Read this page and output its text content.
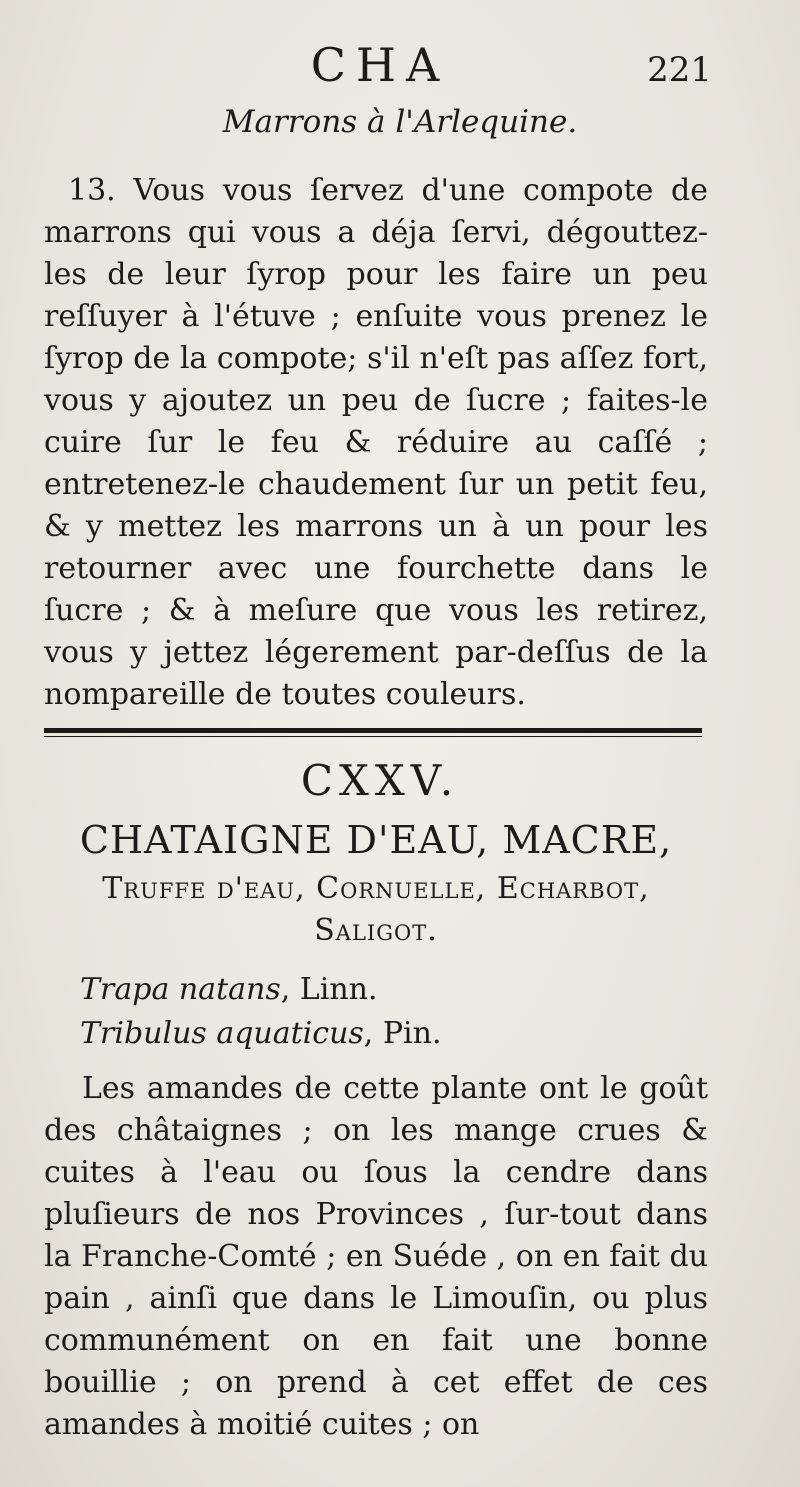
CHA	221
Marrons à l'Arlequine.

13. Vous vous ſervez d'une compote de marrons qui vous a déja ſervi, dégouttez-les de leur ſyrop pour les faire un peu reſſuyer à l'étuve ; enſuite vous prenez le ſyrop de la compote; s'il n'eſt pas aſſez fort, vous y ajoutez un peu de ſucre ; faites-le cuire ſur le feu & réduire au caſſé ; entretenez-le chaudement ſur un petit feu, & y mettez les marrons un à un pour les retourner avec une fourchette dans le ſucre ; & à meſure que vous les retirez, vous y jettez légerement par-deſſus de la nompareille de toutes couleurs.

CXXV.
CHATAIGNE D'EAU, MACRE,
Truffe d'eau, Cornuelle, Echarbot, Saligot.
Trapa natans, Linn.
Tribulus aquaticus, Pin.

Les amandes de cette plante ont le goût des châtaignes ; on les mange crues & cuites à l'eau ou ſous la cendre dans pluſieurs de nos Provinces , ſur-tout dans la Franche-Comté ; en Suéde , on en fait du pain , ainſi que dans le Limouſin, ou plus communément on en fait une bonne bouillie ; on prend à cet effet de ces amandes à moitié cuites ; on
